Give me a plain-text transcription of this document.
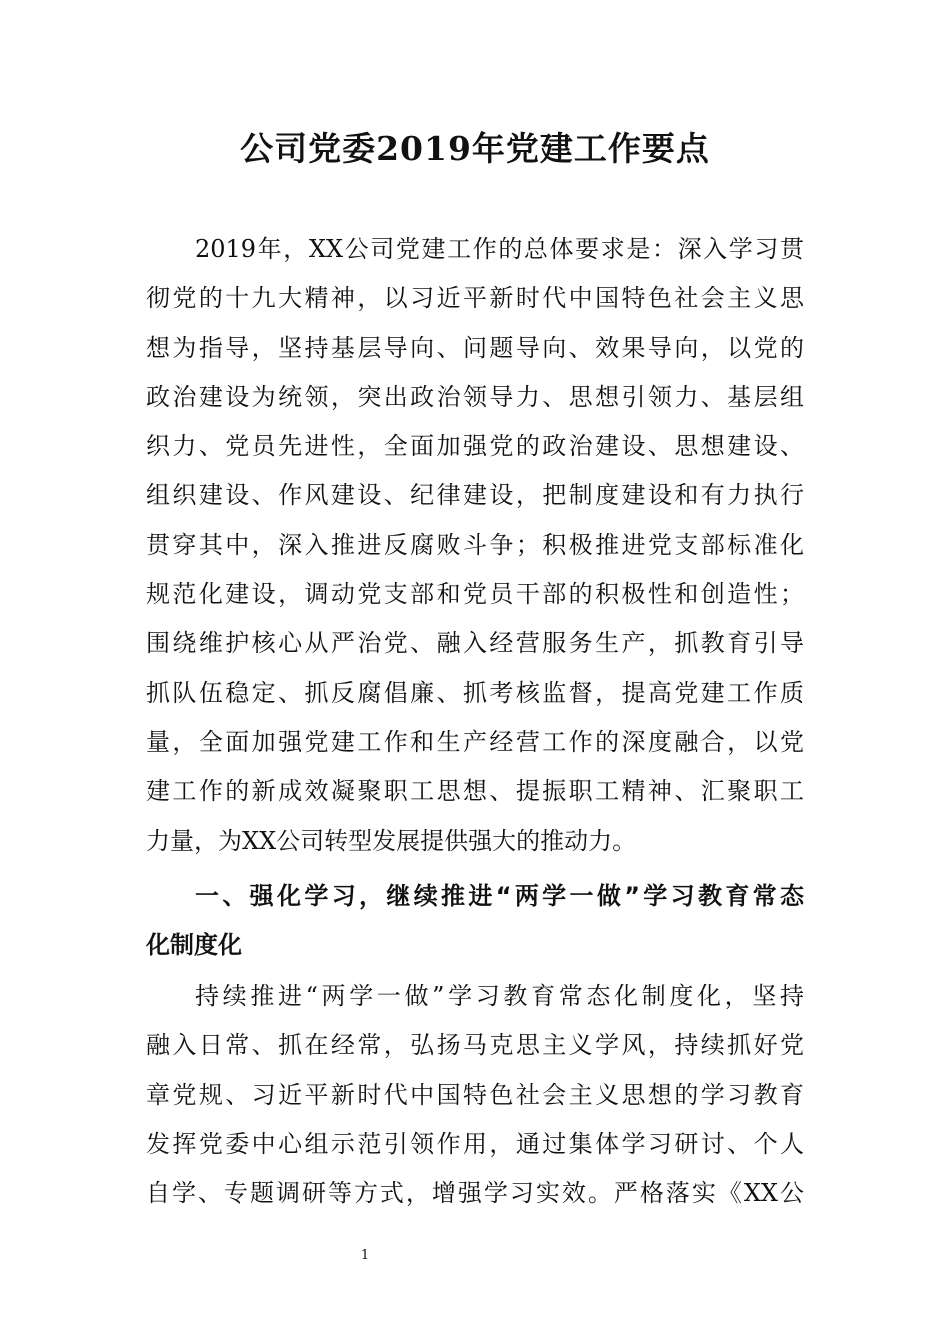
公司党委2019年党建工作要点
2019年，XX公司党建工作的总体要求是：深入学习贯
彻党的十九大精神，以习近平新时代中国特色社会主义思
想为指导，坚持基层导向、问题导向、效果导向，以党的
政治建设为统领，突出政治领导力、思想引领力、基层组
织力、党员先进性，全面加强党的政治建设、思想建设、
组织建设、作风建设、纪律建设，把制度建设和有力执行
贯穿其中，深入推进反腐败斗争；积极推进党支部标准化
规范化建设，调动党支部和党员干部的积极性和创造性；
围绕维护核心从严治党、融入经营服务生产，抓教育引导
抓队伍稳定、抓反腐倡廉、抓考核监督，提高党建工作质
量，全面加强党建工作和生产经营工作的深度融合，以党
建工作的新成效凝聚职工思想、提振职工精神、汇聚职工
力量，为XX公司转型发展提供强大的推动力。
一、强化学习，继续推进“两学一做”学习教育常态
化制度化
持续推进“两学一做”学习教育常态化制度化，坚持
融入日常、抓在经常，弘扬马克思主义学风，持续抓好党
章党规、习近平新时代中国特色社会主义思想的学习教育
发挥党委中心组示范引领作用，通过集体学习研讨、个人
自学、专题调研等方式，增强学习实效。严格落实《XX公
1
